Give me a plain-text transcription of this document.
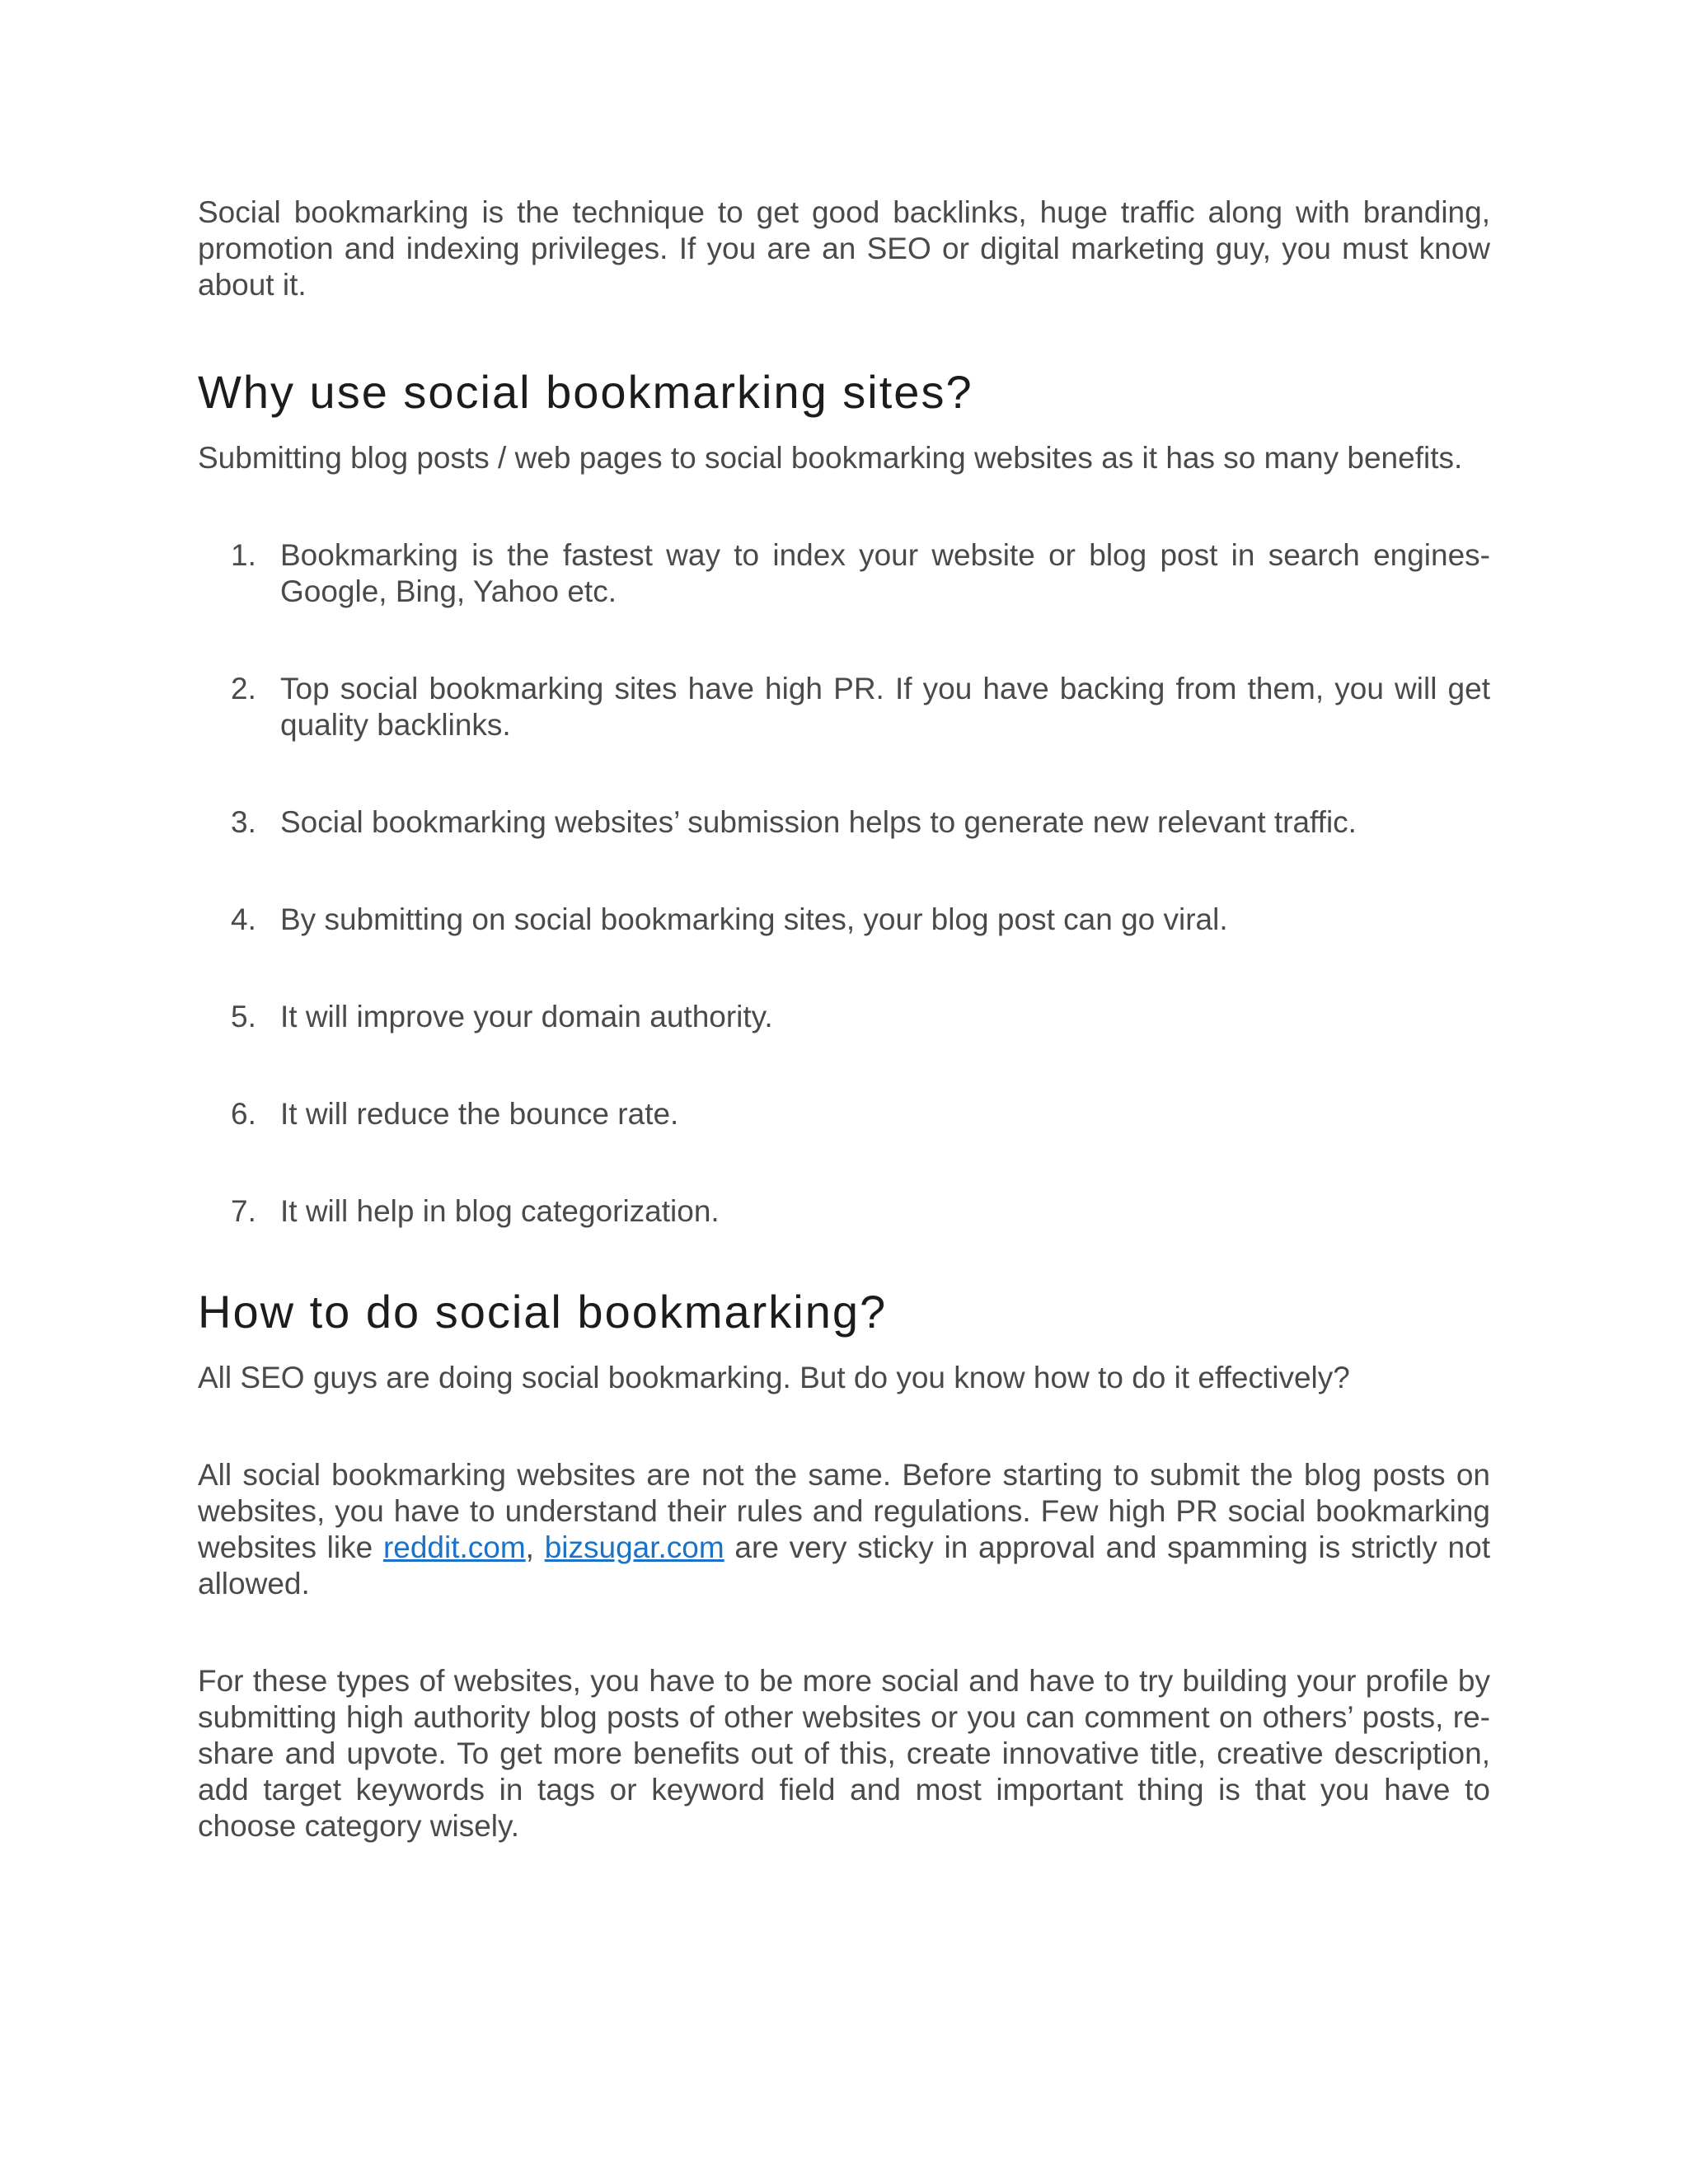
Social bookmarking is the technique to get good backlinks, huge traffic along with branding, promotion and indexing privileges. If you are an SEO or digital marketing guy, you must know about it.

Why use social bookmarking sites?

Submitting blog posts / web pages to social bookmarking websites as it has so many benefits.

1. Bookmarking is the fastest way to index your website or blog post in search engines- Google, Bing, Yahoo etc.
2. Top social bookmarking sites have high PR. If you have backing from them, you will get quality backlinks.
3. Social bookmarking websites’ submission helps to generate new relevant traffic.
4. By submitting on social bookmarking sites, your blog post can go viral.
5. It will improve your domain authority.
6. It will reduce the bounce rate.
7. It will help in blog categorization.
How to do social bookmarking?

All SEO guys are doing social bookmarking. But do you know how to do it effectively?

All social bookmarking websites are not the same. Before starting to submit the blog posts on websites, you have to understand their rules and regulations. Few high PR social bookmarking websites like reddit.com, bizsugar.com are very sticky in approval and spamming is strictly not allowed.

For these types of websites, you have to be more social and have to try building your profile by submitting high authority blog posts of other websites or you can comment on others’ posts, re-share and upvote. To get more benefits out of this, create innovative title, creative description, add target keywords in tags or keyword field and most important thing is that you have to choose category wisely.
